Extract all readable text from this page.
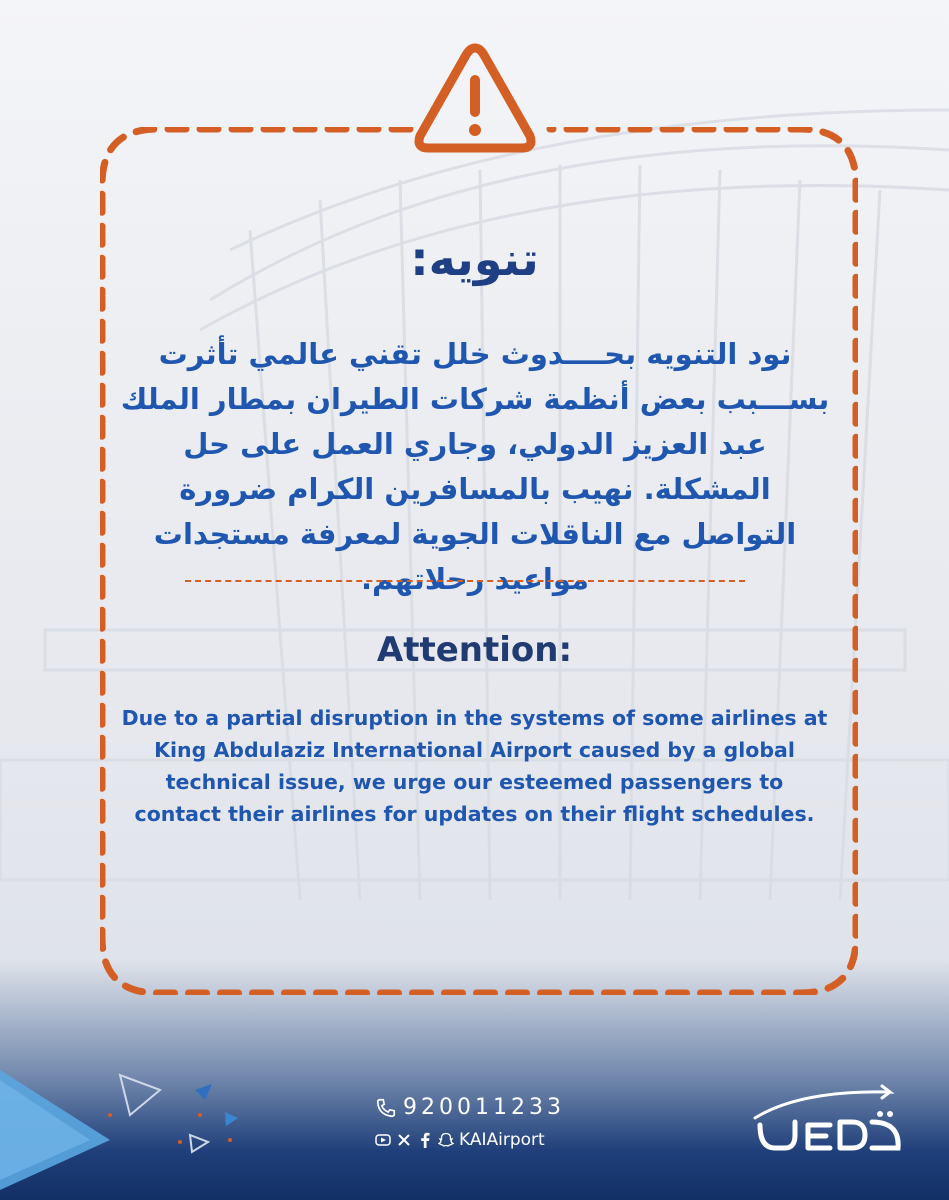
تنويه:
نود التنويه بحــــدوث خلل تقني عالمي تأثرت بســـبب بعض أنظمة شركات الطيران بمطار الملك عبد العزيز الدولي، وجاري العمل على حل المشكلة. نهيب بالمسافرين الكرام ضرورة التواصل مع الناقلات الجوية لمعرفة مستجدات مواعيد رحلاتهم.
Attention:
Due to a partial disruption in the systems of some airlines at King Abdulaziz International Airport caused by a global technical issue, we urge our esteemed passengers to contact their airlines for updates on their flight schedules.
920011233
KAIAirport
